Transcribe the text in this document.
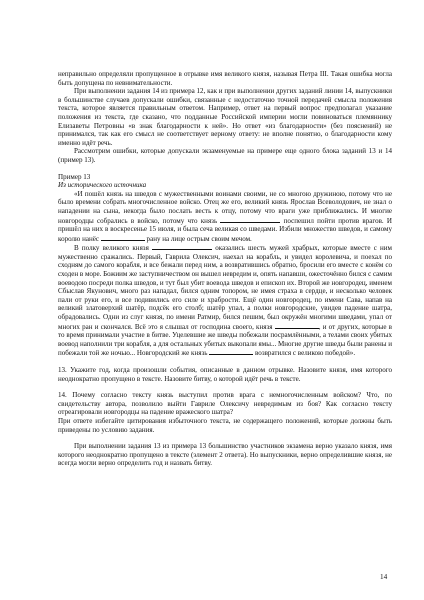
неправильно определяли пропущенное в отрывке имя великого князя, называя Петра III. Такая ошибка могла быть допущена по невнимательности.

При выполнении задания 14 из примера 12, как и при выполнении других заданий линии 14, выпускники в большинстве случаев допускали ошибки, связанные с недостаточно точной передачей смысла положения текста, которое является правильным ответом. Например, ответ на первый вопрос предполагал указание положения из текста, где сказано, что подданные Российской империи могли повиноваться племяннику Елизаветы Петровны «в знак благодарности к ней». Но ответ «из благодарности» (без пояснений) не принимался, так как его смысл не соответствует верному ответу: не вполне понятно, о благодарности кому именно идёт речь.

Рассмотрим ошибки, которые допускали экзаменуемые на примере еще одного блока заданий 13 и 14 (пример 13).

Пример 13

Из исторического источника

«И пошёл князь на шведов с мужественными воинами своими, не со многою дружиною, потому что не было времени собрать многочисленное войско. Отец же его, великий князь Ярослав Всеволодович, не знал о нападении на сына, некогда было послать весть к отцу, потому что враги уже приближались. И многие новгородцы собрались в войско, потому что князь	поспешил пойти против врагов. И пришёл на них в воскресенье 15 июля, и была сеча великая со шведами. Избили множество шведов, и самому королю нанёс	рану на лице острым своим мечом.

В полку великого князя	оказались шесть мужей храбрых, которые вместе с ним мужественно сражались. Первый, Гаврила Олексич, наехал на корабль, и увидел королевича, и поехал по сходням до самого корабля, и все бежали перед ним, а возвратившись обратно, бросили его вместе с конём со сходен в море. Божиим же заступничеством он вышел невредим и, опять напавши, ожесточённо бился с самим воеводою посреди полка шведов, и тут был убит воевода шведов и епископ их. Второй же новгородец, именем Сбыслав Якунович, много раз нападал, бился одним топором, не имея страха в сердце, и несколько человек пали от руки его, и все подивились его силе и храбрости. Ещё один новгородец, по имени Сава, напав на великий златоверхий шатёр, подсёк его столб; шатёр упал, а полки новгородские, увидев падение шатра, обрадовались. Одни из слуг князя, по имени Ратмир, бился пешим, был окружён многими шведами, упал от многих ран и скончался. Всё это я слышал от господина своего, князя	, и от других, которые в то время принимали участие в битве. Уцелевшие же шведы побежали посрамлёнными, а телами своих убитых воевод наполнили три корабля, а для остальных убитых выкопали ямы... Многие другие шведы были ранены и побежали той же ночью... Новгородский же князь	возвратился с великою победой».

13. Укажите год, когда произошли события, описанные в данном отрывке. Назовите князя, имя которого неоднократно пропущено в тексте. Назовите битву, о которой идёт речь в тексте.

14. Почему согласно тексту князь выступил против врага с немногочисленным войском? Что, по свидетельству автора, позволило выйти Гавриле Олексичу невредимым из боя? Как согласно тексту отреагировали новгородцы на падение вражеского шатра?

При ответе избегайте цитирования избыточного текста, не содержащего положений, которые должны быть приведены по условию задания.

При выполнении задания 13 из примера 13 большинство участников экзамена верно указало князя, имя которого неоднократно пропущено в тексте (элемент 2 ответа). Но выпускники, верно определившие князя, не всегда могли верно определить год и назвать битву.

14
